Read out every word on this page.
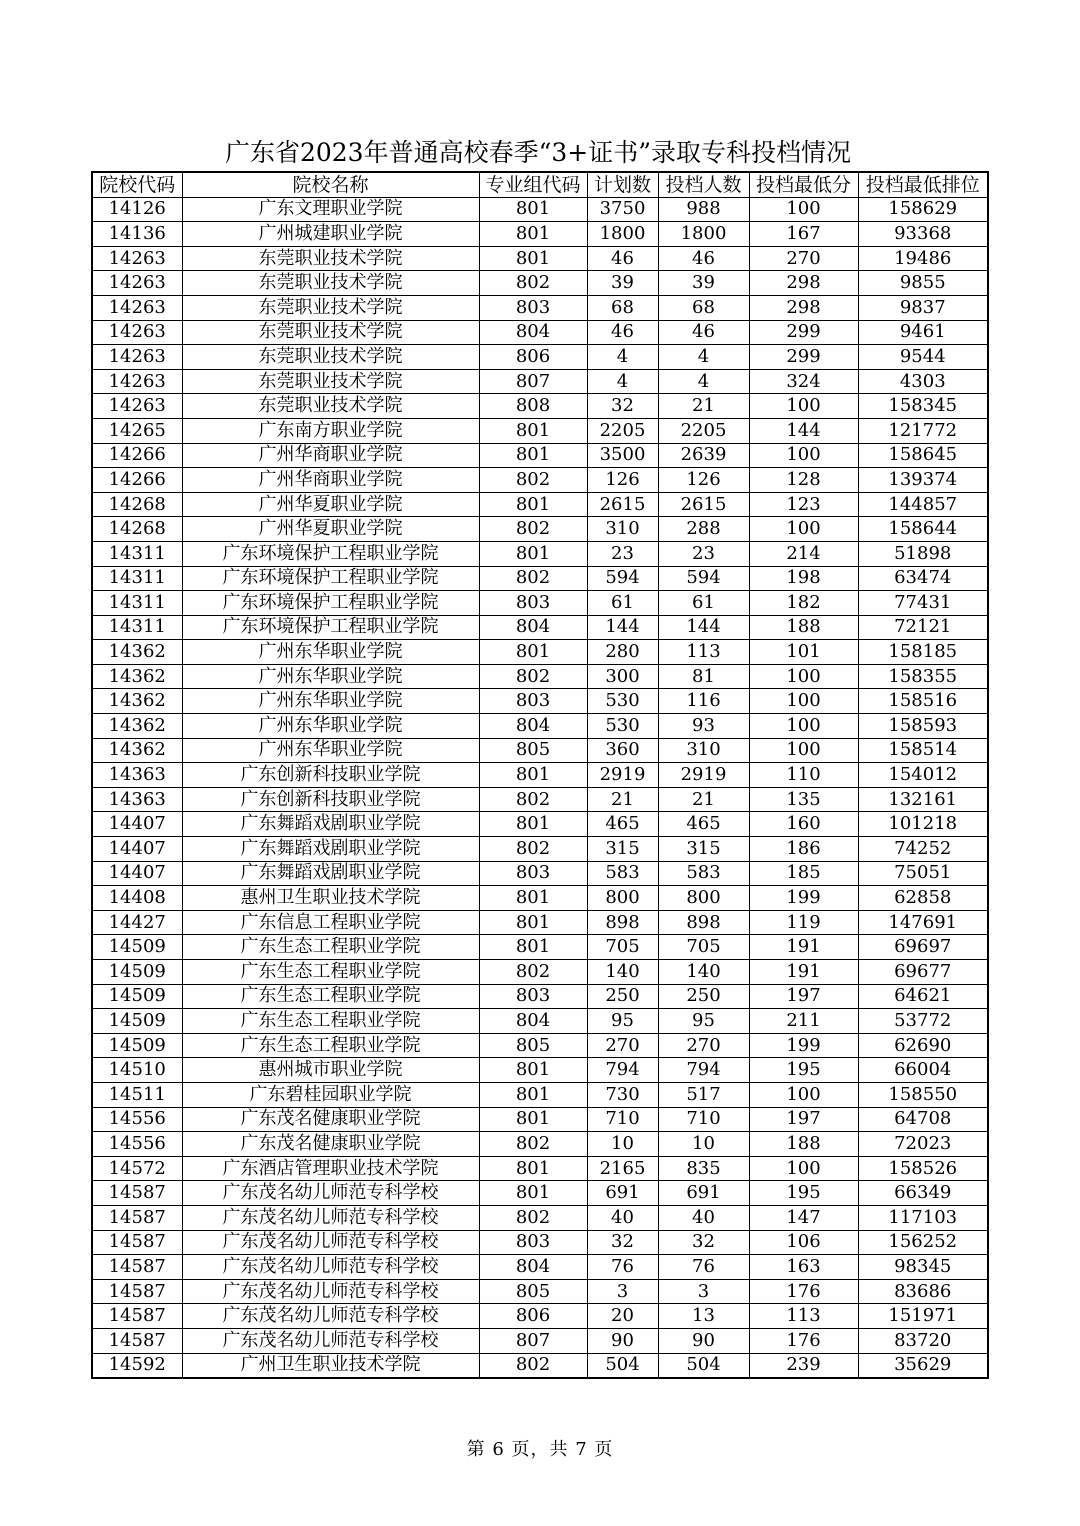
广东省2023年普通高校春季“3+证书”录取专科投档情况
院校代码	院校名称	专业组代码	计划数	投档人数	投档最低分	投档最低排位
14126	广东文理职业学院	801	3750	988	100	158629
14136	广州城建职业学院	801	1800	1800	167	93368
14263	东莞职业技术学院	801	46	46	270	19486
14263	东莞职业技术学院	802	39	39	298	9855
14263	东莞职业技术学院	803	68	68	298	9837
14263	东莞职业技术学院	804	46	46	299	9461
14263	东莞职业技术学院	806	4	4	299	9544
14263	东莞职业技术学院	807	4	4	324	4303
14263	东莞职业技术学院	808	32	21	100	158345
14265	广东南方职业学院	801	2205	2205	144	121772
14266	广州华商职业学院	801	3500	2639	100	158645
14266	广州华商职业学院	802	126	126	128	139374
14268	广州华夏职业学院	801	2615	2615	123	144857
14268	广州华夏职业学院	802	310	288	100	158644
14311	广东环境保护工程职业学院	801	23	23	214	51898
14311	广东环境保护工程职业学院	802	594	594	198	63474
14311	广东环境保护工程职业学院	803	61	61	182	77431
14311	广东环境保护工程职业学院	804	144	144	188	72121
14362	广州东华职业学院	801	280	113	101	158185
14362	广州东华职业学院	802	300	81	100	158355
14362	广州东华职业学院	803	530	116	100	158516
14362	广州东华职业学院	804	530	93	100	158593
14362	广州东华职业学院	805	360	310	100	158514
14363	广东创新科技职业学院	801	2919	2919	110	154012
14363	广东创新科技职业学院	802	21	21	135	132161
14407	广东舞蹈戏剧职业学院	801	465	465	160	101218
14407	广东舞蹈戏剧职业学院	802	315	315	186	74252
14407	广东舞蹈戏剧职业学院	803	583	583	185	75051
14408	惠州卫生职业技术学院	801	800	800	199	62858
14427	广东信息工程职业学院	801	898	898	119	147691
14509	广东生态工程职业学院	801	705	705	191	69697
14509	广东生态工程职业学院	802	140	140	191	69677
14509	广东生态工程职业学院	803	250	250	197	64621
14509	广东生态工程职业学院	804	95	95	211	53772
14509	广东生态工程职业学院	805	270	270	199	62690
14510	惠州城市职业学院	801	794	794	195	66004
14511	广东碧桂园职业学院	801	730	517	100	158550
14556	广东茂名健康职业学院	801	710	710	197	64708
14556	广东茂名健康职业学院	802	10	10	188	72023
14572	广东酒店管理职业技术学院	801	2165	835	100	158526
14587	广东茂名幼儿师范专科学校	801	691	691	195	66349
14587	广东茂名幼儿师范专科学校	802	40	40	147	117103
14587	广东茂名幼儿师范专科学校	803	32	32	106	156252
14587	广东茂名幼儿师范专科学校	804	76	76	163	98345
14587	广东茂名幼儿师范专科学校	805	3	3	176	83686
14587	广东茂名幼儿师范专科学校	806	20	13	113	151971
14587	广东茂名幼儿师范专科学校	807	90	90	176	83720
14592	广州卫生职业技术学院	802	504	504	239	35629
第 6 页，共 7 页
